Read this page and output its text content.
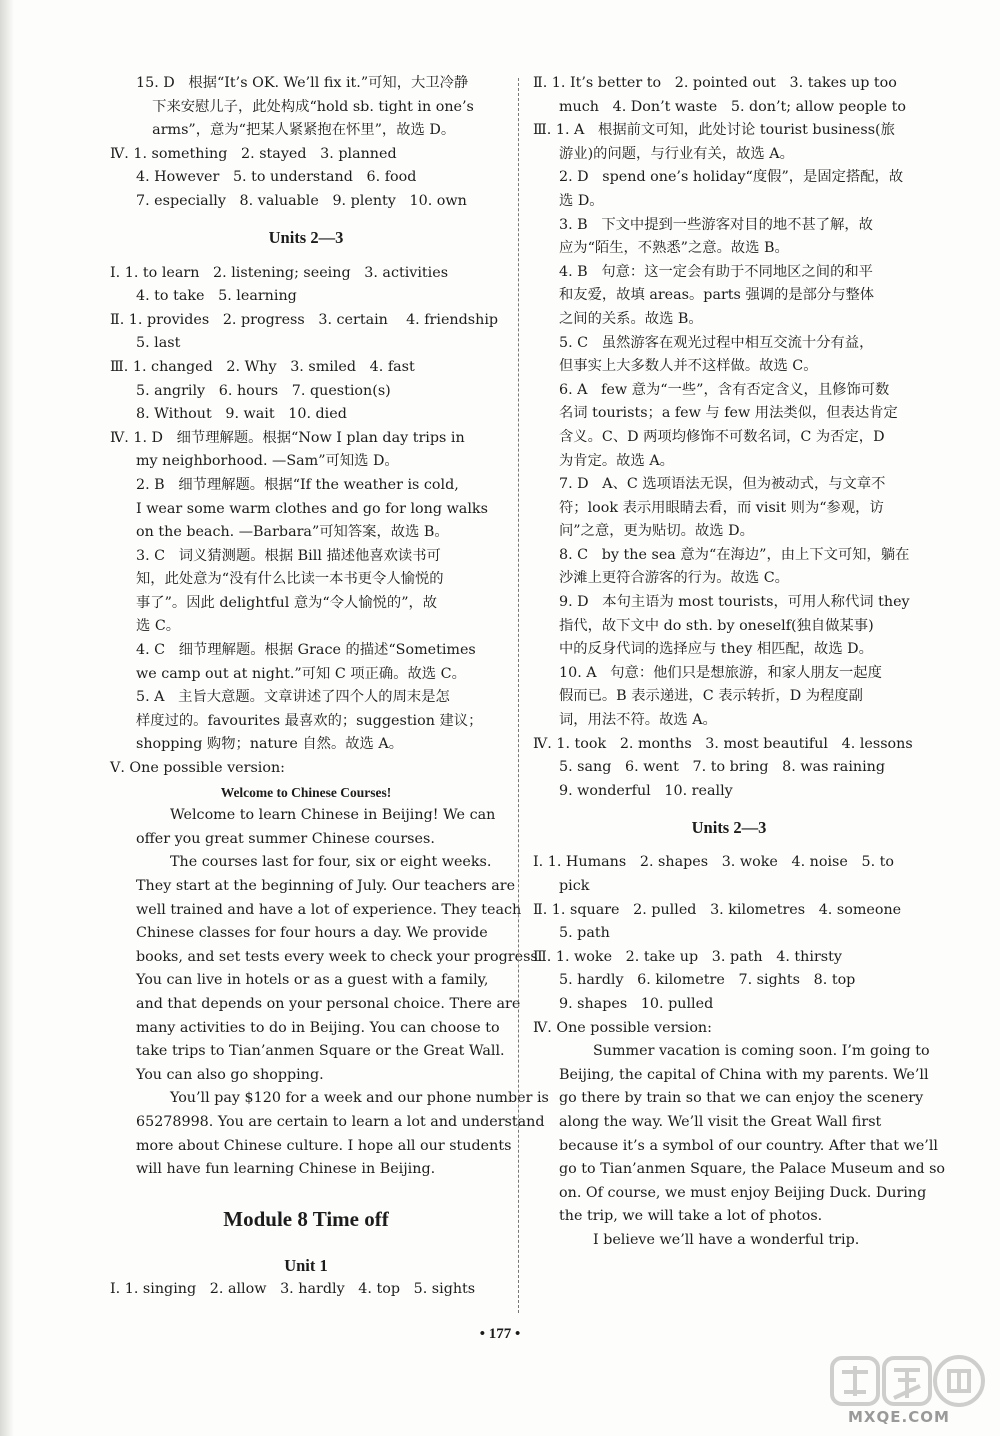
15. D   根据“It’s OK. We’ll fix it.”可知，大卫冷静
下来安慰儿子，此处构成“hold sb. tight in one’s
arms”，意为“把某人紧紧抱在怀里”，故选 D。
Ⅳ. 1. something   2. stayed   3. planned
4. However   5. to understand   6. food
7. especially   8. valuable   9. plenty   10. own
Units 2—3
Ⅰ. 1. to learn   2. listening; seeing   3. activities
4. to take   5. learning
Ⅱ. 1. provides   2. progress   3. certain    4. friendship
5. last
Ⅲ. 1. changed   2. Why   3. smiled   4. fast
5. angrily   6. hours   7. question(s)
8. Without   9. wait   10. died
Ⅳ. 1. D   细节理解题。根据“Now I plan day trips in
my neighborhood. —Sam”可知选 D。
2. B   细节理解题。根据“If the weather is cold,
I wear some warm clothes and go for long walks
on the beach. —Barbara”可知答案，故选 B。
3. C   词义猜测题。根据 Bill 描述他喜欢读书可
知，此处意为“没有什么比读一本书更令人愉悦的
事了”。因此 delightful 意为“令人愉悦的”，故
选 C。
4. C   细节理解题。根据 Grace 的描述“Sometimes
we camp out at night.”可知 C 项正确。故选 C。
5. A   主旨大意题。文章讲述了四个人的周末是怎
样度过的。favourites 最喜欢的；suggestion 建议；
shopping 购物；nature 自然。故选 A。
Ⅴ. One possible version:
Welcome to Chinese Courses!
Welcome to learn Chinese in Beijing! We can
offer you great summer Chinese courses.
The courses last for four, six or eight weeks.
They start at the beginning of July. Our teachers are
well trained and have a lot of experience. They teach
Chinese classes for four hours a day. We provide
books, and set tests every week to check your progress.
You can live in hotels or as a guest with a family,
and that depends on your personal choice. There are
many activities to do in Beijing. You can choose to
take trips to Tian’anmen Square or the Great Wall.
You can also go shopping.
You’ll pay $120 for a week and our phone number is
65278998. You are certain to learn a lot and understand
more about Chinese culture. I hope all our students
will have fun learning Chinese in Beijing.
Module 8 Time off
Unit 1
Ⅰ. 1. singing   2. allow   3. hardly   4. top   5. sights
Ⅱ. 1. It’s better to   2. pointed out   3. takes up too
much   4. Don’t waste   5. don’t; allow people to
Ⅲ. 1. A   根据前文可知，此处讨论 tourist business(旅
游业)的问题，与行业有关，故选 A。
2. D   spend one’s holiday“度假”，是固定搭配，故
选 D。
3. B   下文中提到一些游客对目的地不甚了解，故
应为“陌生，不熟悉”之意。故选 B。
4. B   句意：这一定会有助于不同地区之间的和平
和友爱，故填 areas。parts 强调的是部分与整体
之间的关系。故选 B。
5. C   虽然游客在观光过程中相互交流十分有益，
但事实上大多数人并不这样做。故选 C。
6. A   few 意为“一些”，含有否定含义，且修饰可数
名词 tourists；a few 与 few 用法类似，但表达肯定
含义。C、D 两项均修饰不可数名词，C 为否定，D
为肯定。故选 A。
7. D   A、C 选项语法无误，但为被动式，与文章不
符；look 表示用眼睛去看，而 visit 则为“参观，访
问”之意，更为贴切。故选 D。
8. C   by the sea 意为“在海边”，由上下文可知，躺在
沙滩上更符合游客的行为。故选 C。
9. D   本句主语为 most tourists，可用人称代词 they
指代，故下文中 do sth. by oneself(独自做某事)
中的反身代词的选择应与 they 相匹配，故选 D。
10. A   句意：他们只是想旅游，和家人朋友一起度
假而已。B 表示递进，C 表示转折，D 为程度副
词，用法不符。故选 A。
Ⅳ. 1. took   2. months   3. most beautiful   4. lessons
5. sang   6. went   7. to bring   8. was raining
9. wonderful   10. really
Units 2—3
Ⅰ. 1. Humans   2. shapes   3. woke   4. noise   5. to
pick
Ⅱ. 1. square   2. pulled   3. kilometres   4. someone
5. path
Ⅲ. 1. woke   2. take up   3. path   4. thirsty
5. hardly   6. kilometre   7. sights   8. top
9. shapes   10. pulled
Ⅳ. One possible version:
Summer vacation is coming soon. I’m going to
Beijing, the capital of China with my parents. We’ll
go there by train so that we can enjoy the scenery
along the way. We’ll visit the Great Wall first
because it’s a symbol of our country. After that we’ll
go to Tian’anmen Square, the Palace Museum and so
on. Of course, we must enjoy Beijing Duck. During
the trip, we will take a lot of photos.
I believe we’ll have a wonderful trip.
• 177 •
MXQE.COM
